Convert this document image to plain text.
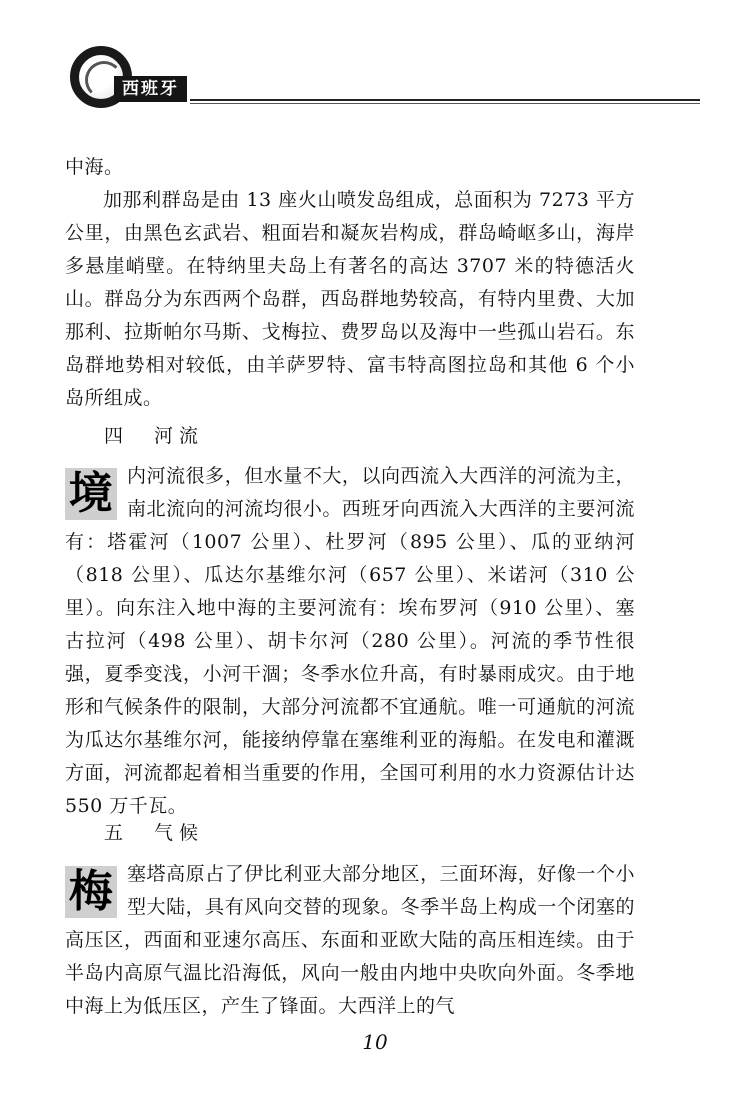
西班牙
中海。
加那利群岛是由 13 座火山喷发岛组成，总面积为 7273 平方公里，由黑色玄武岩、粗面岩和凝灰岩构成，群岛崎岖多山，海岸多悬崖峭壁。在特纳里夫岛上有著名的高达 3707 米的特德活火山。群岛分为东西两个岛群，西岛群地势较高，有特内里费、大加那利、拉斯帕尔马斯、戈梅拉、费罗岛以及海中一些孤山岩石。东岛群地势相对较低，由羊萨罗特、富韦特高图拉岛和其他 6 个小岛所组成。
四　河流
境 内河流很多，但水量不大，以向西流入大西洋的河流为主，南北流向的河流均很小。西班牙向西流入大西洋的主要河流有：塔霍河（1007 公里）、杜罗河（895 公里）、瓜的亚纳河（818 公里）、瓜达尔基维尔河（657 公里）、米诺河（310 公里）。向东注入地中海的主要河流有：埃布罗河（910 公里）、塞古拉河（498 公里）、胡卡尔河（280 公里）。河流的季节性很强，夏季变浅，小河干涸；冬季水位升高，有时暴雨成灾。由于地形和气候条件的限制，大部分河流都不宜通航。唯一可通航的河流为瓜达尔基维尔河，能接纳停靠在塞维利亚的海船。在发电和灌溉方面，河流都起着相当重要的作用，全国可利用的水力资源估计达 550 万千瓦。
五　气候
梅 塞塔高原占了伊比利亚大部分地区，三面环海，好像一个小型大陆，具有风向交替的现象。冬季半岛上构成一个闭塞的高压区，西面和亚速尔高压、东面和亚欧大陆的高压相连续。由于半岛内高原气温比沿海低，风向一般由内地中央吹向外面。冬季地中海上为低压区，产生了锋面。大西洋上的气
10
